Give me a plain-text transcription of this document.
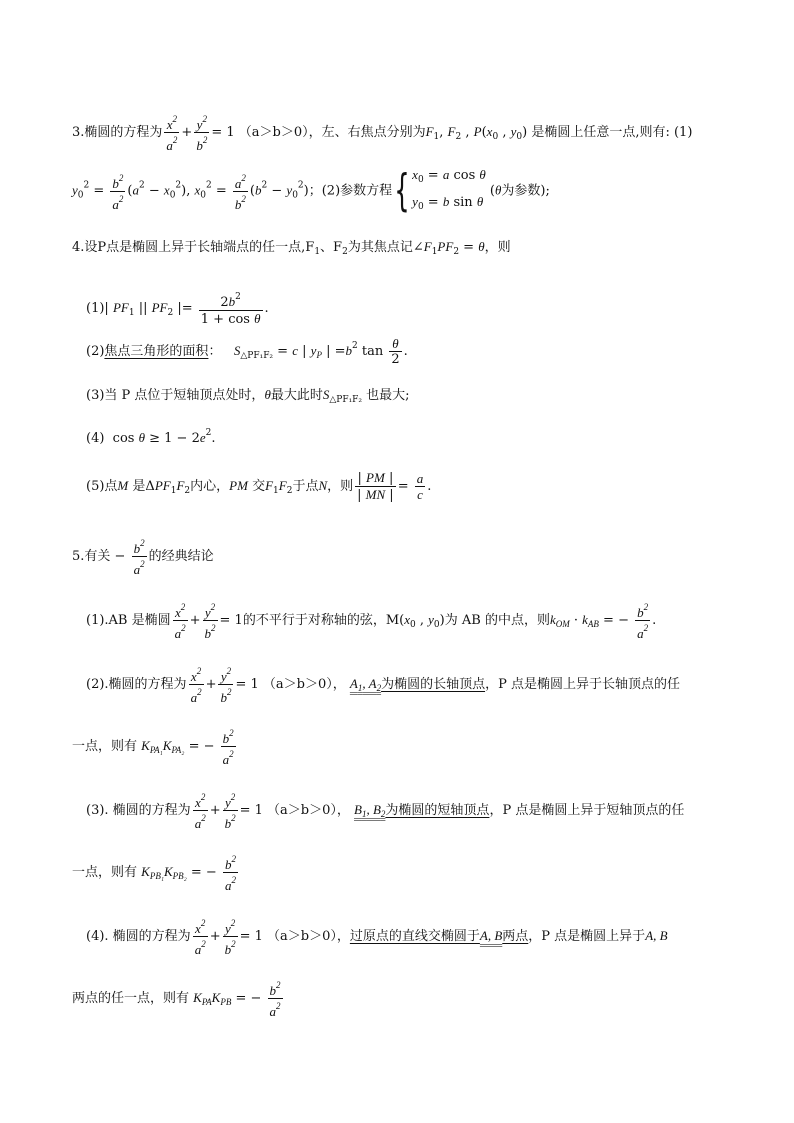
3.椭圆的方程为 $\frac{x^2}{a^2} + \frac{y^2}{b^2} = 1$ （a＞b＞0），左、右焦点分别为$F_1$, $F_2$ , $P(x_0$ , $y_0$) 是椭圆上任意一点,则有: (1)
$y_0^2 = \frac{b^2}{a^2} (a^2 - x_0^2)$, $x_0^2 = \frac{a^2}{b^2} (b^2 - y_0^2)$；(2)参数方程{ $x_0 = a$ cos θ
$y_0 = b$ sin θ
(θ为参数);
4.设P点是椭圆上异于长轴端点的任一点$,F_1$、$F_2$为其焦点记$\angle F_1PF_2 = \theta$，则
(1)| $PF_1$ || $PF_2$ |= $\frac{2b^2}{\text{1 + cos θ}}$ .
(2)焦点三角形的面积： $S_{\triangle PF_1F_2} = c$ | $y_P$ | $=b^2$ $\tan \frac{\theta}{2}$ .
(3)当 P 点位于短轴顶点处时，θ最大此时$S_{\triangle PF_1F_2}$ 也最大;
(4)  $\cos \theta \ge 1 - 2e^2$.
(5)点M 是$\Delta PF_1F_2$内心，PM 交$F_1F_2$于点N，则 $\frac{| PM |}{| MN |} = \frac{a}{c}$ .
5.有关 − $\frac{b^2}{a^2}$ 的经典结论
(1).AB 是椭圆 $\frac{x^2}{a^2} + \frac{y^2}{b^2} = 1$的不平行于对称轴的弦，$M(x_0$ , $y_0$)为 AB 的中点，则$k_{OM} \cdot k_{AB}$ = − $\frac{b^2}{a^2}$ .
(2).椭圆的方程为 $\frac{x^2}{a^2} + \frac{y^2}{b^2} = 1$ （a＞b＞0）， $A_1$, $A_2$为椭圆的长轴顶点，P 点是椭圆上异于长轴顶点的任
一点，则有 $K_{PA_1}K_{PA_2}$ = − $\frac{b^2}{a^2}$
(3). 椭圆的方程为 $\frac{x^2}{a^2} + \frac{y^2}{b^2} = 1$ （a＞b＞0）， $B_1$, $B_2$为椭圆的短轴顶点，P 点是椭圆上异于短轴顶点的任
一点，则有 $K_{PB_1}K_{PB_2}$ = − $\frac{b^2}{a^2}$
(4). 椭圆的方程为 $\frac{x^2}{a^2} + \frac{y^2}{b^2} = 1$ （a＞b＞0），过原点的直线交椭圆于A, B两点，P 点是椭圆上异于A, B
两点的任一点，则有 $K_{PA}K_{PB}$ = − $\frac{b^2}{a^2}$
